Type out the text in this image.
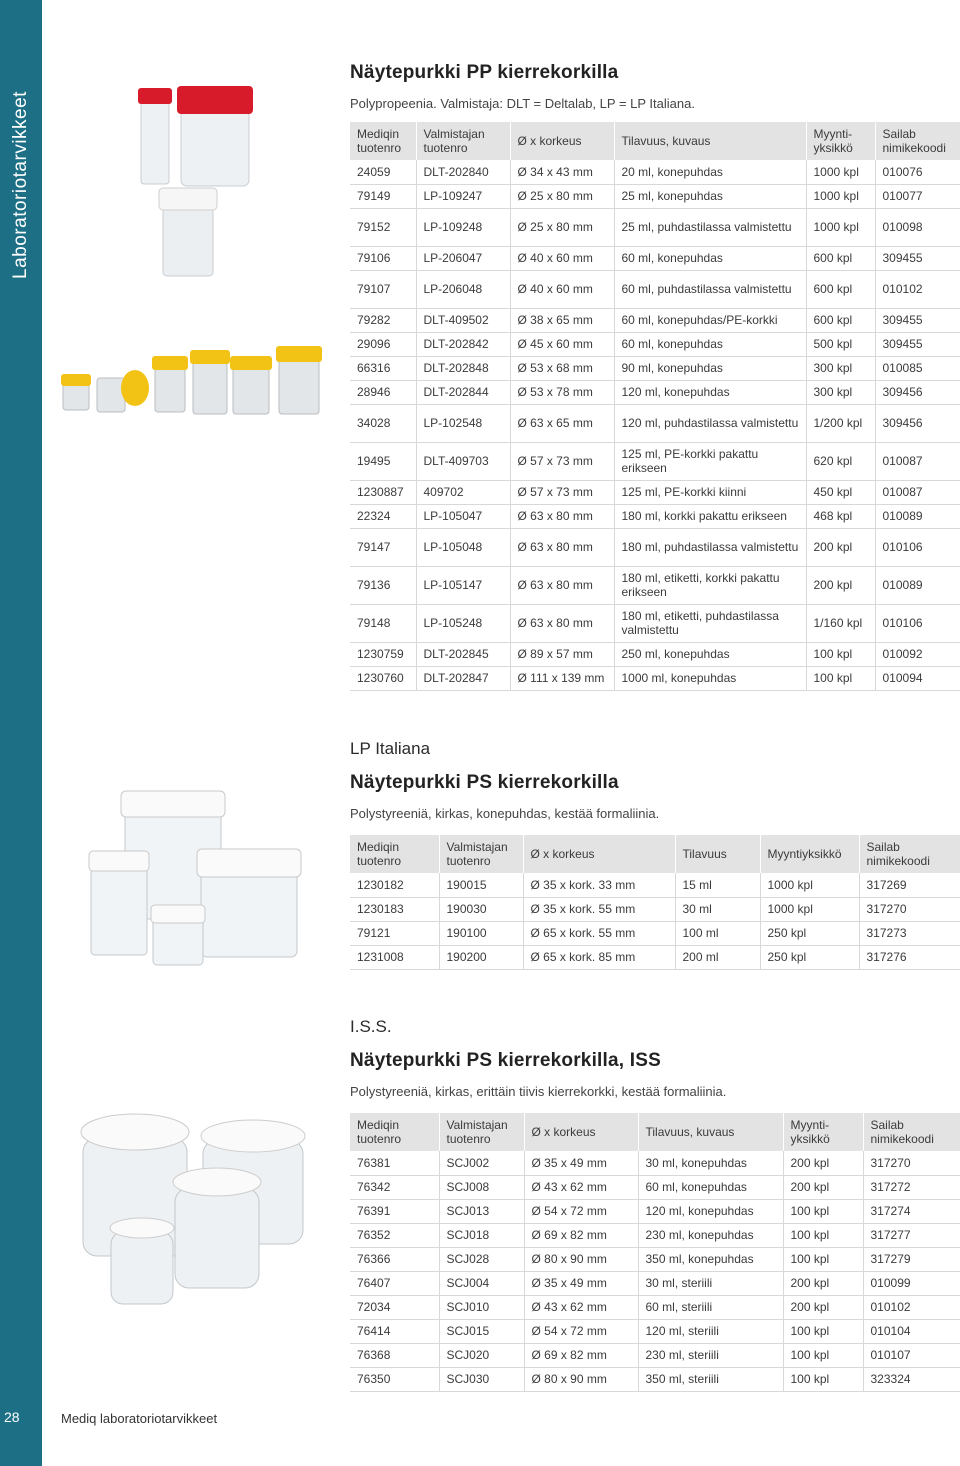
Laboratoriotarvikkeet
28	Mediq laboratoriotarvikkeet
Näytepurkki PP kierrekorkilla
Polypropeenia. Valmistaja: DLT = Deltalab, LP = LP Italiana.
Mediqin tuotenro	Valmistajan tuotenro	Ø x korkeus	Tilavuus, kuvaus	Myynti-yksikkö	Sailab nimikekoodi
24059	DLT-202840	Ø 34 x 43 mm	20 ml, konepuhdas	1000 kpl	010076
79149	LP-109247	Ø 25 x 80 mm	25 ml, konepuhdas	1000 kpl	010077
79152	LP-109248	Ø 25 x 80 mm	25 ml, puhdastilassa valmistettu	1000 kpl	010098
79106	LP-206047	Ø 40 x 60 mm	60 ml, konepuhdas	600 kpl	309455
79107	LP-206048	Ø 40 x 60 mm	60 ml, puhdastilassa valmistettu	600 kpl	010102
79282	DLT-409502	Ø 38 x 65 mm	60 ml, konepuhdas/PE-korkki	600 kpl	309455
29096	DLT-202842	Ø 45 x 60 mm	60 ml, konepuhdas	500 kpl	309455
66316	DLT-202848	Ø 53 x 68 mm	90 ml, konepuhdas	300 kpl	010085
28946	DLT-202844	Ø 53 x 78 mm	120 ml, konepuhdas	300 kpl	309456
34028	LP-102548	Ø 63 x 65 mm	120 ml, puhdastilassa valmistettu	1/200 kpl	309456
19495	DLT-409703	Ø 57 x 73 mm	125 ml, PE-korkki pakattu erikseen	620 kpl	010087
1230887	409702	Ø 57 x 73 mm	125 ml, PE-korkki kiinni	450 kpl	010087
22324	LP-105047	Ø 63 x 80 mm	180 ml, korkki pakattu erikseen	468 kpl	010089
79147	LP-105048	Ø 63 x 80 mm	180 ml, puhdastilassa valmistettu	200 kpl	010106
79136	LP-105147	Ø 63 x 80 mm	180 ml, etiketti, korkki pakattu erikseen	200 kpl	010089
79148	LP-105248	Ø 63 x 80 mm	180 ml, etiketti, puhdastilassa valmistettu	1/160 kpl	010106
1230759	DLT-202845	Ø 89 x 57 mm	250 ml, konepuhdas	100 kpl	010092
1230760	DLT-202847	Ø 111 x 139 mm	1000 ml, konepuhdas	100 kpl	010094
LP Italiana
Näytepurkki PS kierrekorkilla
Polystyreeniä, kirkas, konepuhdas, kestää formaliinia.
Mediqin tuotenro	Valmistajan tuotenro	Ø x korkeus	Tilavuus	Myyntiyksikkö	Sailab nimikekoodi
1230182	190015	Ø 35 x kork. 33 mm	15 ml	1000 kpl	317269
1230183	190030	Ø 35 x kork. 55 mm	30 ml	1000 kpl	317270
79121	190100	Ø 65 x kork. 55 mm	100 ml	250 kpl	317273
1231008	190200	Ø 65 x kork. 85 mm	200 ml	250 kpl	317276
I.S.S.
Näytepurkki PS kierrekorkilla, ISS
Polystyreeniä, kirkas, erittäin tiivis kierrekorkki, kestää formaliinia.
Mediqin tuotenro	Valmistajan tuotenro	Ø x korkeus	Tilavuus, kuvaus	Myynti-yksikkö	Sailab nimikekoodi
76381	SCJ002	Ø 35 x 49 mm	30 ml, konepuhdas	200 kpl	317270
76342	SCJ008	Ø 43 x 62 mm	60 ml, konepuhdas	200 kpl	317272
76391	SCJ013	Ø 54 x 72 mm	120 ml, konepuhdas	100 kpl	317274
76352	SCJ018	Ø 69 x 82 mm	230 ml, konepuhdas	100 kpl	317277
76366	SCJ028	Ø 80 x 90 mm	350 ml, konepuhdas	100 kpl	317279
76407	SCJ004	Ø 35 x 49 mm	30 ml, steriili	200 kpl	010099
72034	SCJ010	Ø 43 x 62 mm	60 ml, steriili	200 kpl	010102
76414	SCJ015	Ø 54 x 72 mm	120 ml, steriili	100 kpl	010104
76368	SCJ020	Ø 69 x 82 mm	230 ml, steriili	100 kpl	010107
76350	SCJ030	Ø 80 x 90 mm	350 ml, steriili	100 kpl	323324
